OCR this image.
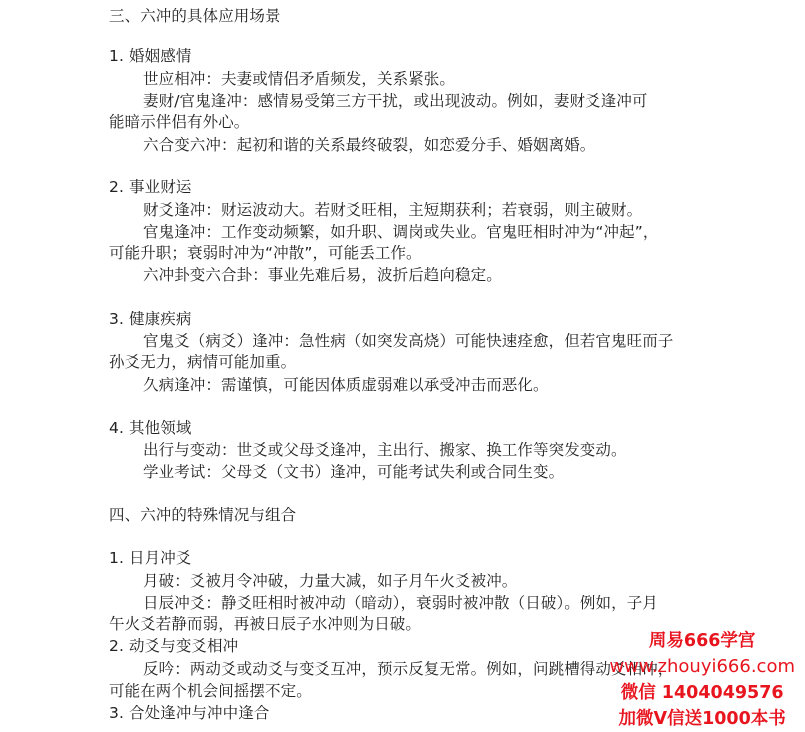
三、六冲的具体应用场景
1. 婚姻感情
世应相冲：夫妻或情侣矛盾频发，关系紧张。
妻财/官鬼逢冲：感情易受第三方干扰，或出现波动。例如，妻财爻逢冲可
能暗示伴侣有外心。
六合变六冲：起初和谐的关系最终破裂，如恋爱分手、婚姻离婚。
2. 事业财运
财爻逢冲：财运波动大。若财爻旺相，主短期获利；若衰弱，则主破财。
官鬼逢冲：工作变动频繁，如升职、调岗或失业。官鬼旺相时冲为“冲起”，
可能升职；衰弱时冲为“冲散”，可能丢工作。
六冲卦变六合卦：事业先难后易，波折后趋向稳定。
3. 健康疾病
官鬼爻（病爻）逢冲：急性病（如突发高烧）可能快速痊愈，但若官鬼旺而子
孙爻无力，病情可能加重。
久病逢冲：需谨慎，可能因体质虚弱难以承受冲击而恶化。
4. 其他领域
出行与变动：世爻或父母爻逢冲，主出行、搬家、换工作等突发变动。
学业考试：父母爻（文书）逢冲，可能考试失利或合同生变。
四、六冲的特殊情况与组合
1. 日月冲爻
月破：爻被月令冲破，力量大减，如子月午火爻被冲。
日辰冲爻：静爻旺相时被冲动（暗动），衰弱时被冲散（日破）。例如，子月
午火爻若静而弱，再被日辰子水冲则为日破。
2. 动爻与变爻相冲
反吟：两动爻或动爻与变爻互冲，预示反复无常。例如，问跳槽得动爻相冲，
可能在两个机会间摇摆不定。
3. 合处逢冲与冲中逢合
周易666学宫
www.zhouyi666.com
微信 1404049576
加微V信送1000本书
